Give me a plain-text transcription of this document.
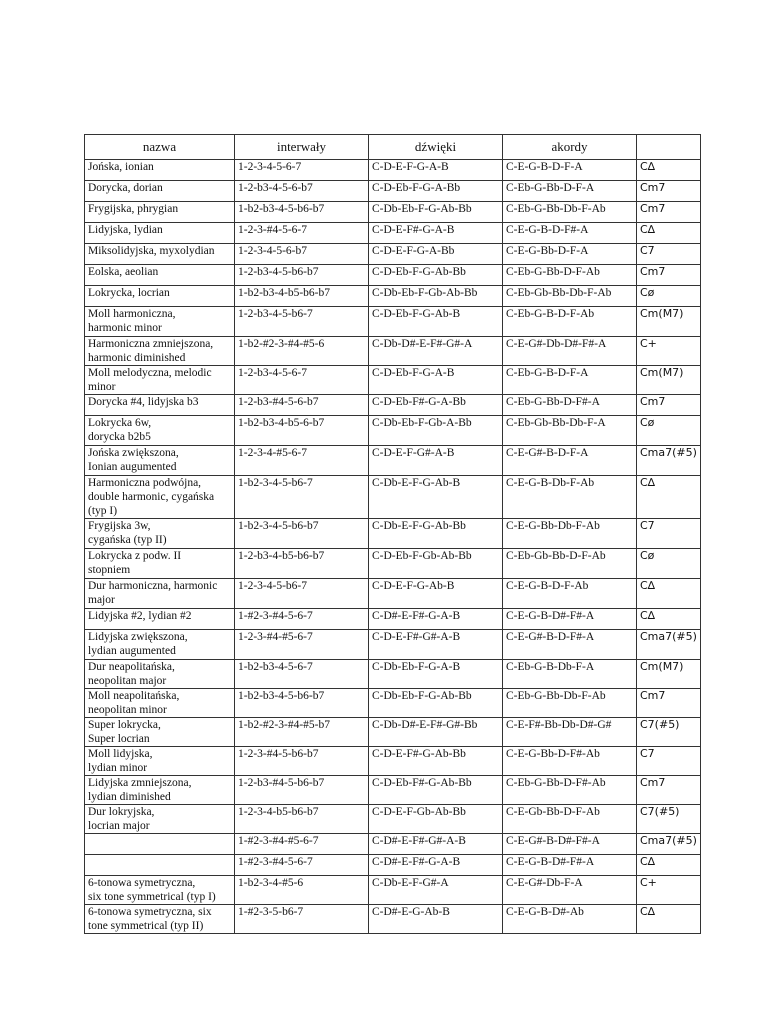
nazwa	interwały	dźwięki	akordy	
Jońska, ionian	1-2-3-4-5-6-7	C-D-E-F-G-A-B	C-E-G-B-D-F-A	C∆
Dorycka, dorian	1-2-b3-4-5-6-b7	C-D-Eb-F-G-A-Bb	C-Eb-G-Bb-D-F-A	Cm7
Frygijska, phrygian	1-b2-b3-4-5-b6-b7	C-Db-Eb-F-G-Ab-Bb	C-Eb-G-Bb-Db-F-Ab	Cm7
Lidyjska, lydian	1-2-3-#4-5-6-7	C-D-E-F#-G-A-B	C-E-G-B-D-F#-A	C∆
Miksolidyjska, myxolydian	1-2-3-4-5-6-b7	C-D-E-F-G-A-Bb	C-E-G-Bb-D-F-A	C7
Eolska, aeolian	1-2-b3-4-5-b6-b7	C-D-Eb-F-G-Ab-Bb	C-Eb-G-Bb-D-F-Ab	Cm7
Lokrycka, locrian	1-b2-b3-4-b5-b6-b7	C-Db-Eb-F-Gb-Ab-Bb	C-Eb-Gb-Bb-Db-F-Ab	Cø
Moll harmoniczna,
harmonic minor	1-2-b3-4-5-b6-7	C-D-Eb-F-G-Ab-B	C-Eb-G-B-D-F-Ab	Cm(M7)
Harmoniczna zmniejszona,
harmonic diminished	1-b2-#2-3-#4-#5-6	C-Db-D#-E-F#-G#-A	C-E-G#-Db-D#-F#-A	C+
Moll melodyczna, melodic
minor	1-2-b3-4-5-6-7	C-D-Eb-F-G-A-B	C-Eb-G-B-D-F-A	Cm(M7)
Dorycka #4, lidyjska b3	1-2-b3-#4-5-6-b7	C-D-Eb-F#-G-A-Bb	C-Eb-G-Bb-D-F#-A	Cm7
Lokrycka 6w,
dorycka b2b5	1-b2-b3-4-b5-6-b7	C-Db-Eb-F-Gb-A-Bb	C-Eb-Gb-Bb-Db-F-A	Cø
Jońska zwiększona,
Ionian augumented	1-2-3-4-#5-6-7	C-D-E-F-G#-A-B	C-E-G#-B-D-F-A	Cma7(#5)
Harmoniczna podwójna,
double harmonic, cygańska
(typ I)	1-b2-3-4-5-b6-7	C-Db-E-F-G-Ab-B	C-E-G-B-Db-F-Ab	C∆
Frygijska 3w,
cygańska (typ II)	1-b2-3-4-5-b6-b7	C-Db-E-F-G-Ab-Bb	C-E-G-Bb-Db-F-Ab	C7
Lokrycka z podw. II
stopniem	1-2-b3-4-b5-b6-b7	C-D-Eb-F-Gb-Ab-Bb	C-Eb-Gb-Bb-D-F-Ab	Cø
Dur harmoniczna, harmonic
major	1-2-3-4-5-b6-7	C-D-E-F-G-Ab-B	C-E-G-B-D-F-Ab	C∆
Lidyjska #2, lydian #2	1-#2-3-#4-5-6-7	C-D#-E-F#-G-A-B	C-E-G-B-D#-F#-A	C∆
Lidyjska zwiększona,
lydian augumented	1-2-3-#4-#5-6-7	C-D-E-F#-G#-A-B	C-E-G#-B-D-F#-A	Cma7(#5)
Dur neapolitańska,
neopolitan major	1-b2-b3-4-5-6-7	C-Db-Eb-F-G-A-B	C-Eb-G-B-Db-F-A	Cm(M7)
Moll neapolitańska,
neopolitan minor	1-b2-b3-4-5-b6-b7	C-Db-Eb-F-G-Ab-Bb	C-Eb-G-Bb-Db-F-Ab	Cm7
Super lokrycka,
Super locrian	1-b2-#2-3-#4-#5-b7	C-Db-D#-E-F#-G#-Bb	C-E-F#-Bb-Db-D#-G#	C7(#5)
Moll lidyjska,
lydian minor	1-2-3-#4-5-b6-b7	C-D-E-F#-G-Ab-Bb	C-E-G-Bb-D-F#-Ab	C7
Lidyjska zmniejszona,
lydian diminished	1-2-b3-#4-5-b6-b7	C-D-Eb-F#-G-Ab-Bb	C-Eb-G-Bb-D-F#-Ab	Cm7
Dur lokryjska,
locrian major	1-2-3-4-b5-b6-b7	C-D-E-F-Gb-Ab-Bb	C-E-Gb-Bb-D-F-Ab	C7(#5)
	1-#2-3-#4-#5-6-7	C-D#-E-F#-G#-A-B	C-E-G#-B-D#-F#-A	Cma7(#5)
	1-#2-3-#4-5-6-7	C-D#-E-F#-G-A-B	C-E-G-B-D#-F#-A	C∆
6-tonowa symetryczna,
six tone symmetrical (typ I)	1-b2-3-4-#5-6	C-Db-E-F-G#-A	C-E-G#-Db-F-A	C+
6-tonowa symetryczna, six
tone symmetrical (typ II)	1-#2-3-5-b6-7	C-D#-E-G-Ab-B	C-E-G-B-D#-Ab	C∆
